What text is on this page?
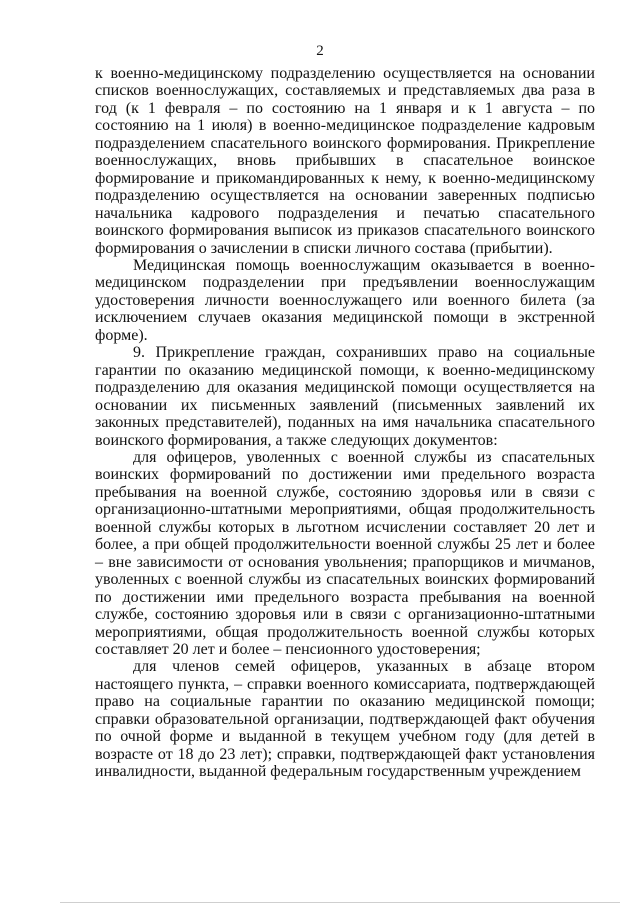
2

к военно-медицинскому подразделению осуществляется на основании списков военнослужащих, составляемых и представляемых два раза в год (к 1 февраля – по состоянию на 1 января и к 1 августа – по состоянию на 1 июля) в военно-медицинское подразделение кадровым подразделением спасательного воинского формирования. Прикрепление военнослужащих, вновь прибывших в спасательное воинское формирование и прикомандированных к нему, к военно-медицинскому подразделению осуществляется на основании заверенных подписью начальника кадрового подразделения и печатью спасательного воинского формирования выписок из приказов спасательного воинского формирования о зачислении в списки личного состава (прибытии).

Медицинская помощь военнослужащим оказывается в военно-медицинском подразделении при предъявлении военнослужащим удостоверения личности военнослужащего или военного билета (за исключением случаев оказания медицинской помощи в экстренной форме).

9. Прикрепление граждан, сохранивших право на социальные гарантии по оказанию медицинской помощи, к военно-медицинскому подразделению для оказания медицинской помощи осуществляется на основании их письменных заявлений (письменных заявлений их законных представителей), поданных на имя начальника спасательного воинского формирования, а также следующих документов:

для офицеров, уволенных с военной службы из спасательных воинских формирований по достижении ими предельного возраста пребывания на военной службе, состоянию здоровья или в связи с организационно-штатными мероприятиями, общая продолжительность военной службы которых в льготном исчислении составляет 20 лет и более, а при общей продолжительности военной службы 25 лет и более – вне зависимости от основания увольнения; прапорщиков и мичманов, уволенных с военной службы из спасательных воинских формирований по достижении ими предельного возраста пребывания на военной службе, состоянию здоровья или в связи с организационно-штатными мероприятиями, общая продолжительность военной службы которых составляет 20 лет и более – пенсионного удостоверения;

для членов семей офицеров, указанных в абзаце втором настоящего пункта, – справки военного комиссариата, подтверждающей право на социальные гарантии по оказанию медицинской помощи; справки образовательной организации, подтверждающей факт обучения по очной форме и выданной в текущем учебном году (для детей в возрасте от 18 до 23 лет); справки, подтверждающей факт установления инвалидности, выданной федеральным государственным учреждением
